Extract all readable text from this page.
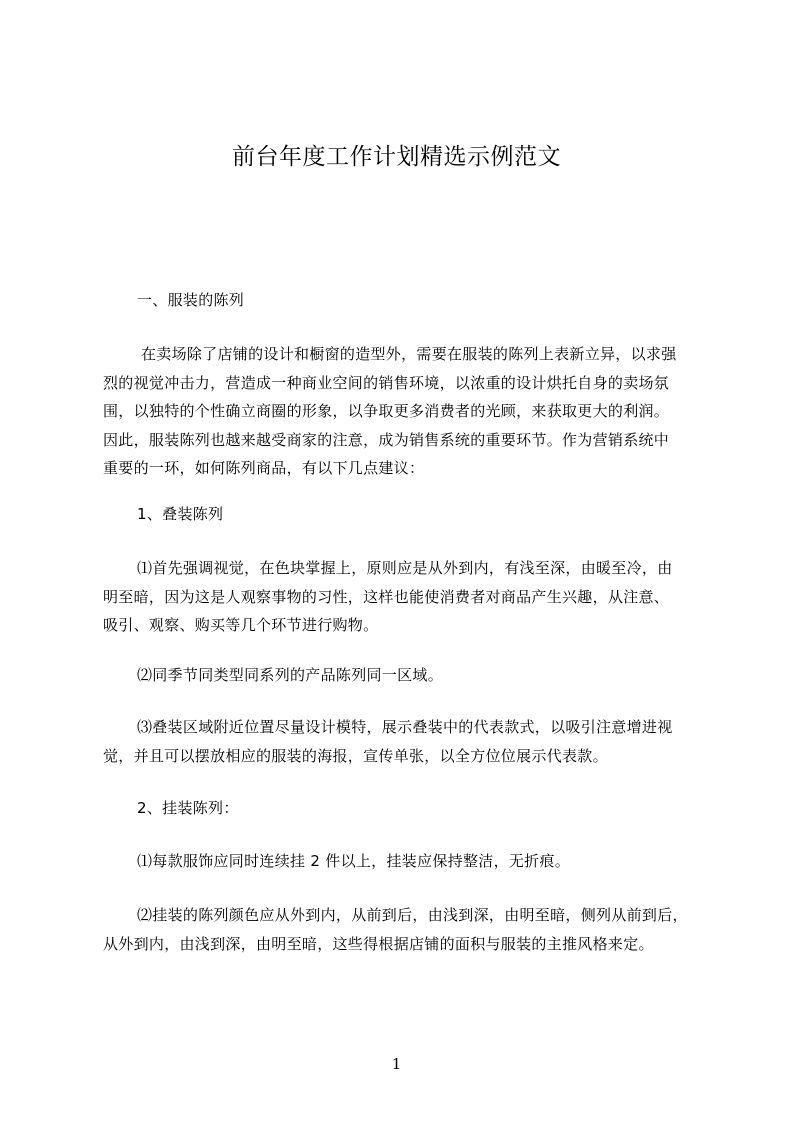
前台年度工作计划精选示例范文
一、服装的陈列
在卖场除了店铺的设计和橱窗的造型外，需要在服装的陈列上表新立异，以求强
烈的视觉冲击力，营造成一种商业空间的销售环境，以浓重的设计烘托自身的卖场氛
围，以独特的个性确立商圈的形象，以争取更多消费者的光顾，来获取更大的利润。
因此，服装陈列也越来越受商家的注意，成为销售系统的重要环节。作为营销系统中
重要的一环，如何陈列商品，有以下几点建议：
1、叠装陈列
⑴首先强调视觉，在色块掌握上，原则应是从外到内，有浅至深，由暖至冷，由
明至暗，因为这是人观察事物的习性，这样也能使消费者对商品产生兴趣，从注意、
吸引、观察、购买等几个环节进行购物。
⑵同季节同类型同系列的产品陈列同一区域。
⑶叠装区域附近位置尽量设计模特，展示叠装中的代表款式，以吸引注意增进视
觉，并且可以摆放相应的服装的海报，宣传单张，以全方位位展示代表款。
2、挂装陈列：
⑴每款服饰应同时连续挂 2 件以上，挂装应保持整洁，无折痕。
⑵挂装的陈列颜色应从外到内，从前到后，由浅到深，由明至暗，侧列从前到后，
从外到内，由浅到深，由明至暗，这些得根据店铺的面积与服装的主推风格来定。
1
